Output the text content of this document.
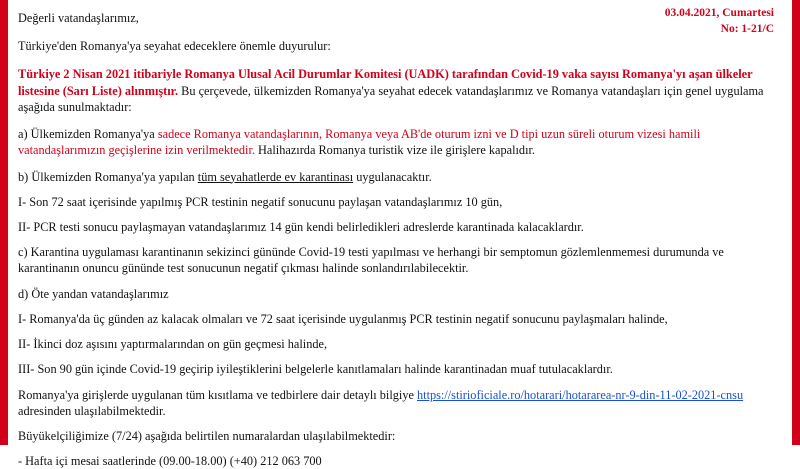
03.04.2021, Cumartesi
No: 1-21/C

Değerli vatandaşlarımız,

Türkiye'den Romanya'ya seyahat edeceklere önemle duyurulur:

Türkiye 2 Nisan 2021 itibariyle Romanya Ulusal Acil Durumlar Komitesi (UADK) tarafından Covid-19 vaka sayısı Romanya'yı aşan ülkeler listesine (Sarı Liste) alınmıştır. Bu çerçevede, ülkemizden Romanya'ya seyahat edecek vatandaşlarımız ve Romanya vatandaşları için genel uygulama aşağıda sunulmaktadır:

a) Ülkemizden Romanya'ya sadece Romanya vatandaşlarının, Romanya veya AB'de oturum izni ve D tipi uzun süreli oturum vizesi hamili vatandaşlarımızın geçişlerine izin verilmektedir. Halihazırda Romanya turistik vize ile girişlere kapalıdır.

b) Ülkemizden Romanya'ya yapılan tüm seyahatlerde ev karantinası uygulanacaktır.

I- Son 72 saat içerisinde yapılmış PCR testinin negatif sonucunu paylaşan vatandaşlarımız 10 gün,

II- PCR testi sonucu paylaşmayan vatandaşlarımız 14 gün kendi belirledikleri adreslerde karantinada kalacaklardır.

c) Karantina uygulaması karantinanın sekizinci gününde Covid-19 testi yapılması ve herhangi bir semptomun gözlemlenmemesi durumunda ve karantinanın onuncu gününde test sonucunun negatif çıkması halinde sonlandırılabilecektir.

d) Öte yandan vatandaşlarımız

I- Romanya'da üç günden az kalacak olmaları ve 72 saat içerisinde uygulanmış PCR testinin negatif sonucunu paylaşmaları halinde,

II- İkinci doz aşısını yaptırmalarından on gün geçmesi halinde,

III- Son 90 gün içinde Covid-19 geçirip iyileştiklerini belgelerle kanıtlamaları halinde karantinadan muaf tutulacaklardır.

Romanya'ya girişlerde uygulanan tüm kısıtlama ve tedbirlere dair detaylı bilgiye https://stirioficiale.ro/hotarari/hotararea-nr-9-din-11-02-2021-cnsu adresinden ulaşılabilmektedir.

Büyükelçiliğimize (7/24) aşağıda belirtilen numaralardan ulaşılabilmektedir:

- Hafta içi mesai saatlerinde (09.00-18.00) (+40) 212 063 700
